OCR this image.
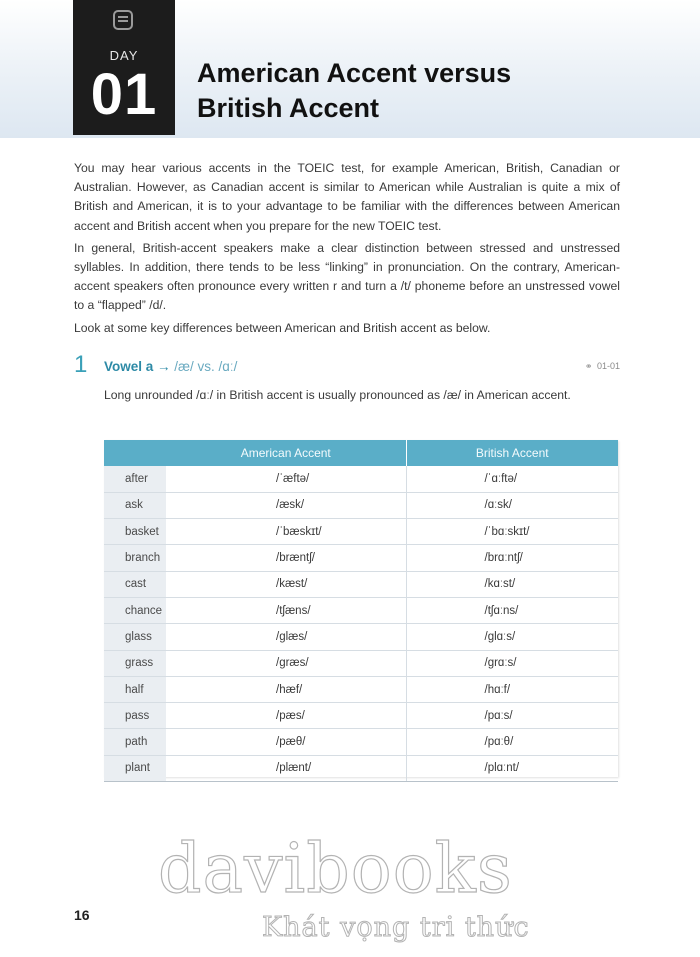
DAY
01	American Accent versus
British Accent

You may hear various accents in the TOEIC test, for example American, British, Canadian or Australian. However, as Canadian accent is similar to American while Australian is quite a mix of British and American, it is to your advantage to be familiar with the differences between American accent and British accent when you prepare for the new TOEIC test.

In general, British-accent speakers make a clear distinction between stressed and unstressed syllables. In addition, there tends to be less “linking” in pronunciation. On the contrary, American-accent speakers often pronounce every written r and turn a /t/ phoneme before an unstressed vowel to a “flapped” /d/.

Look at some key differences between American and British accent as below.

1 Vowel a → /æ/ vs. /ɑː/	⚭ 01-01

Long unrounded /ɑː/ in British accent is usually pronounced as /æ/ in American accent.

	American Accent	British Accent
after	/ˈæftə/	/ˈɑːftə/
ask	/æsk/	/ɑːsk/
basket	/ˈbæskɪt/	/ˈbɑːskɪt/
branch	/bræntʃ/	/brɑːntʃ/
cast	/kæst/	/kɑːst/
chance	/tʃæns/	/tʃɑːns/
glass	/glæs/	/glɑːs/
grass	/græs/	/grɑːs/
half	/hæf/	/hɑːf/
pass	/pæs/	/pɑːs/
path	/pæθ/	/pɑːθ/
plant	/plænt/	/plɑːnt/
davibooks
Khát vọng tri thức
16
